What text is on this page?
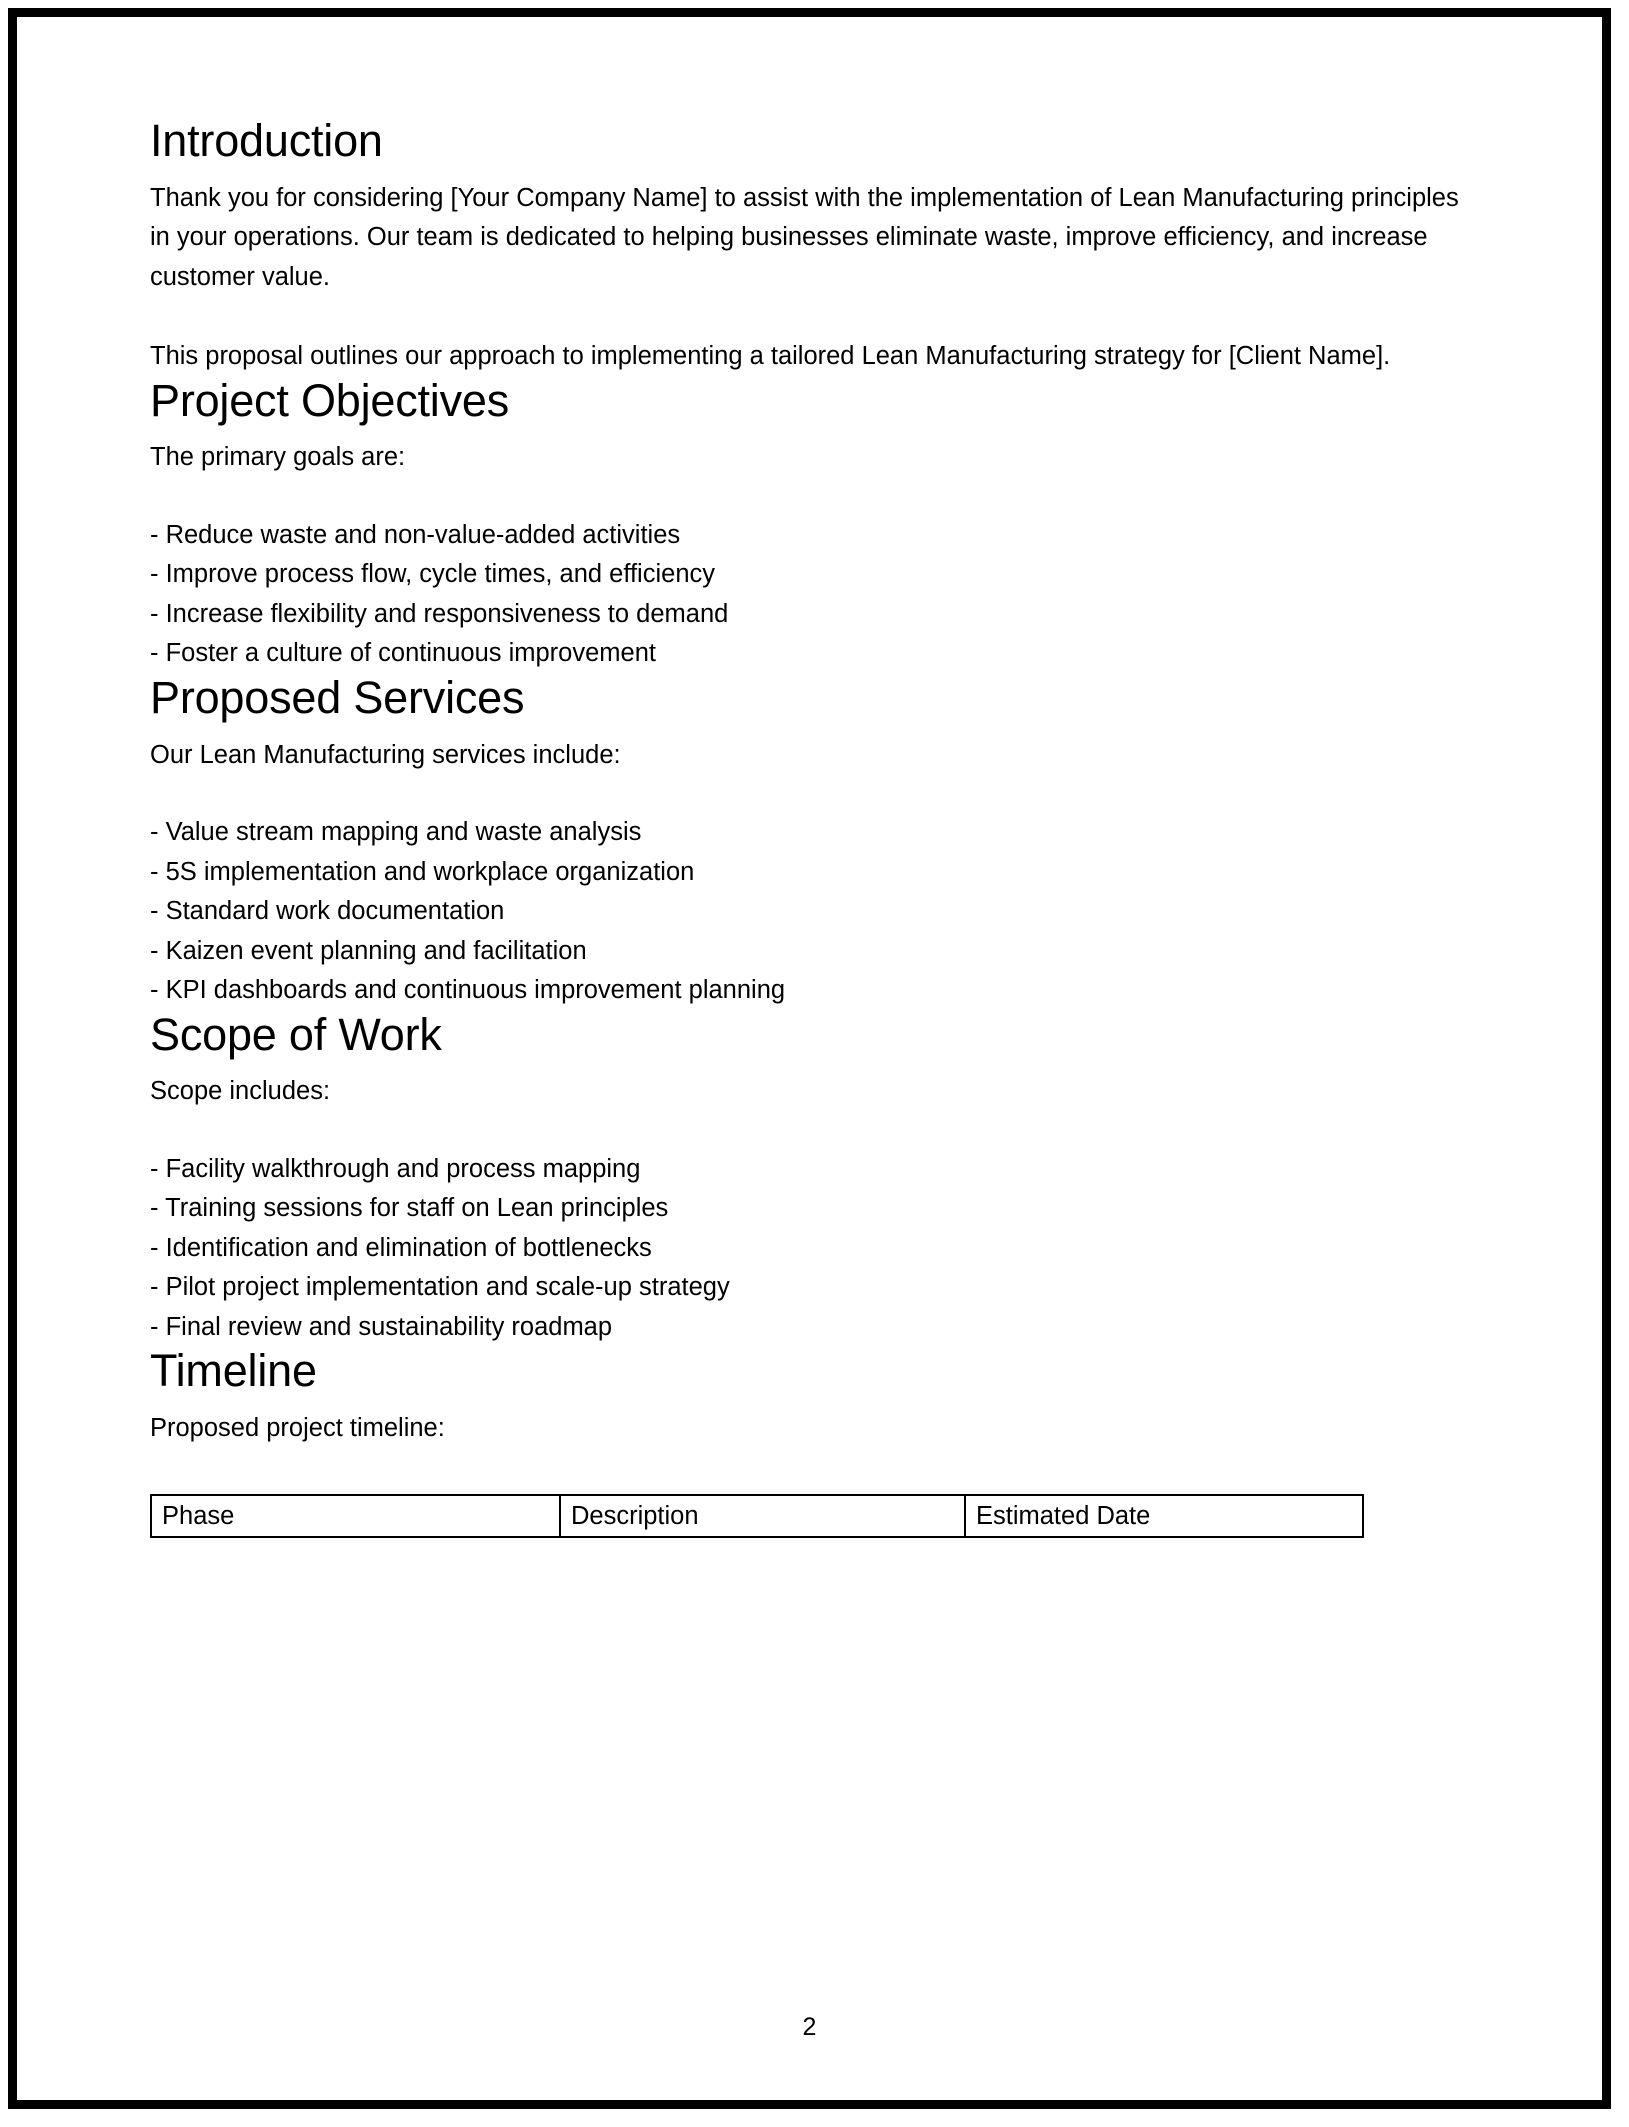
Introduction

Thank you for considering [Your Company Name] to assist with the implementation of Lean Manufacturing principles in your operations. Our team is dedicated to helping businesses eliminate waste, improve efficiency, and increase customer value.

This proposal outlines our approach to implementing a tailored Lean Manufacturing strategy for [Client Name].

Project Objectives

The primary goals are:

- Reduce waste and non-value-added activities
- Improve process flow, cycle times, and efficiency
- Increase flexibility and responsiveness to demand
- Foster a culture of continuous improvement
Proposed Services

Our Lean Manufacturing services include:

- Value stream mapping and waste analysis
- 5S implementation and workplace organization
- Standard work documentation
- Kaizen event planning and facilitation
- KPI dashboards and continuous improvement planning
Scope of Work

Scope includes:

- Facility walkthrough and process mapping
- Training sessions for staff on Lean principles
- Identification and elimination of bottlenecks
- Pilot project implementation and scale-up strategy
- Final review and sustainability roadmap
Timeline

Proposed project timeline:

Phase	Description	Estimated Date
2
